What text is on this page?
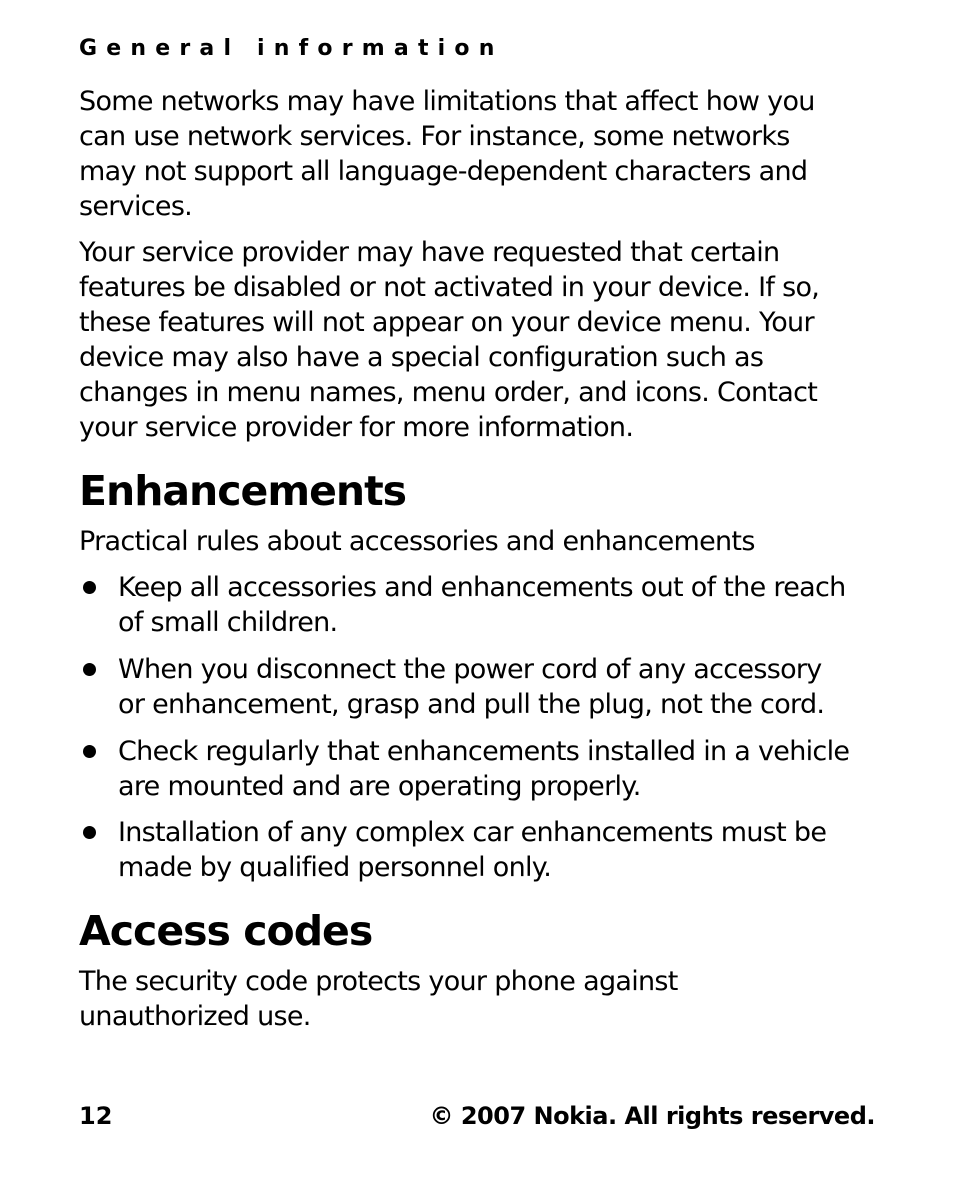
General information

Some networks may have limitations that affect how you
can use network services. For instance, some networks
may not support all language-dependent characters and
services.

Your service provider may have requested that certain
features be disabled or not activated in your device. If so,
these features will not appear on your device menu. Your
device may also have a special configuration such as
changes in menu names, menu order, and icons. Contact
your service provider for more information.

Enhancements

Practical rules about accessories and enhancements

Keep all accessories and enhancements out of the reach
of small children.
When you disconnect the power cord of any accessory
or enhancement, grasp and pull the plug, not the cord.
Check regularly that enhancements installed in a vehicle
are mounted and are operating properly.
Installation of any complex car enhancements must be
made by qualified personnel only.
Access codes

The security code protects your phone against
unauthorized use.

12	© 2007 Nokia. All rights reserved.
